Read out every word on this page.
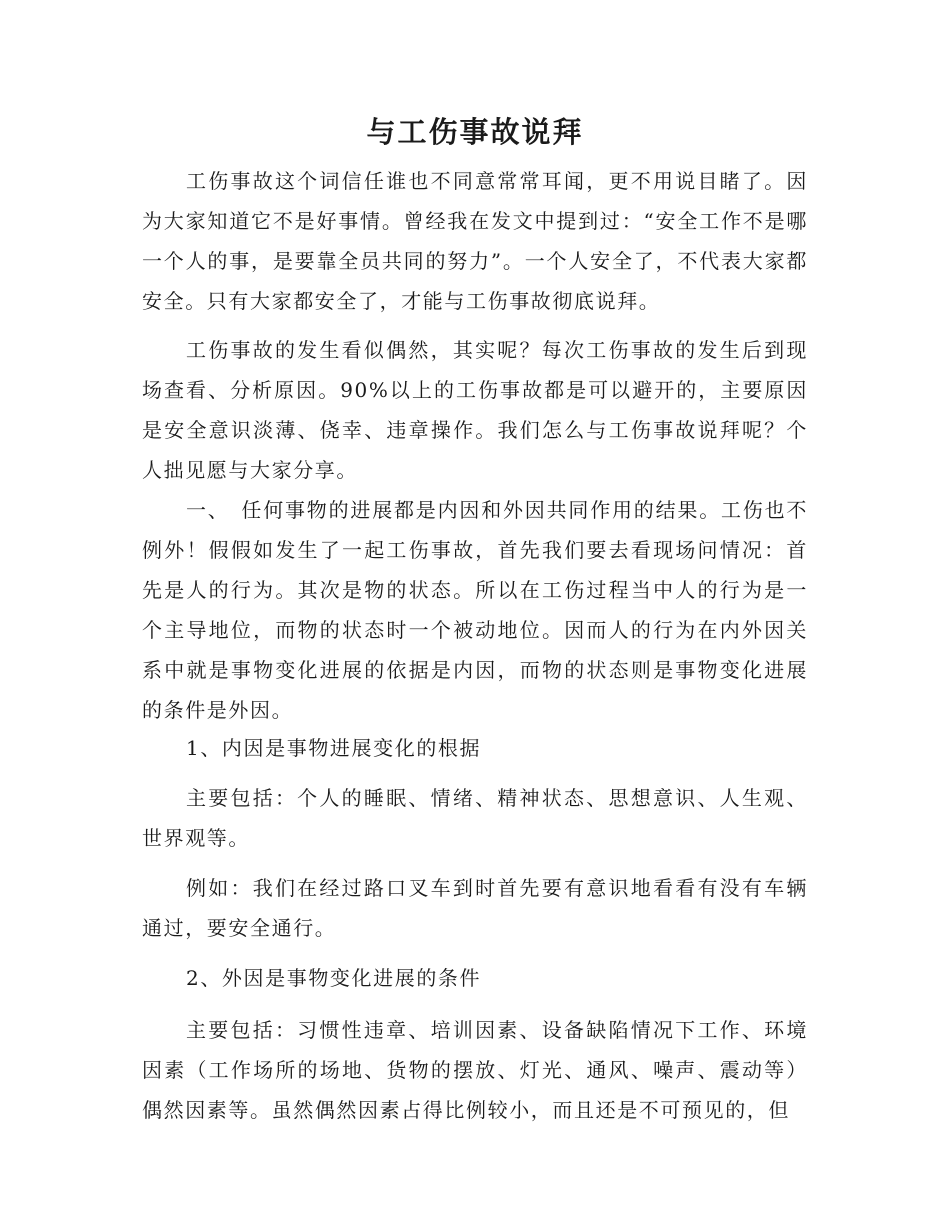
与工伤事故说拜

工伤事故这个词信任谁也不同意常常耳闻，更不用说目睹了。因为大家知道它不是好事情。曾经我在发文中提到过：“安全工作不是哪一个人的事，是要靠全员共同的努力”。一个人安全了，不代表大家都安全。只有大家都安全了，才能与工伤事故彻底说拜。

工伤事故的发生看似偶然，其实呢？每次工伤事故的发生后到现场查看、分析原因。90%以上的工伤事故都是可以避开的，主要原因是安全意识淡薄、侥幸、违章操作。我们怎么与工伤事故说拜呢？个人拙见愿与大家分享。

一、　任何事物的进展都是内因和外因共同作用的结果。工伤也不例外！假假如发生了一起工伤事故，首先我们要去看现场问情况：首先是人的行为。其次是物的状态。所以在工伤过程当中人的行为是一个主导地位，而物的状态时一个被动地位。因而人的行为在内外因关系中就是事物变化进展的依据是内因，而物的状态则是事物变化进展的条件是外因。

1、内因是事物进展变化的根据

主要包括：个人的睡眠、情绪、精神状态、思想意识、人生观、世界观等。

例如：我们在经过路口叉车到时首先要有意识地看看有没有车辆通过，要安全通行。

2、外因是事物变化进展的条件

主要包括：习惯性违章、培训因素、设备缺陷情况下工作、环境因素（工作场所的场地、货物的摆放、灯光、通风、噪声、震动等）偶然因素等。虽然偶然因素占得比例较小，而且还是不可预见的，但
